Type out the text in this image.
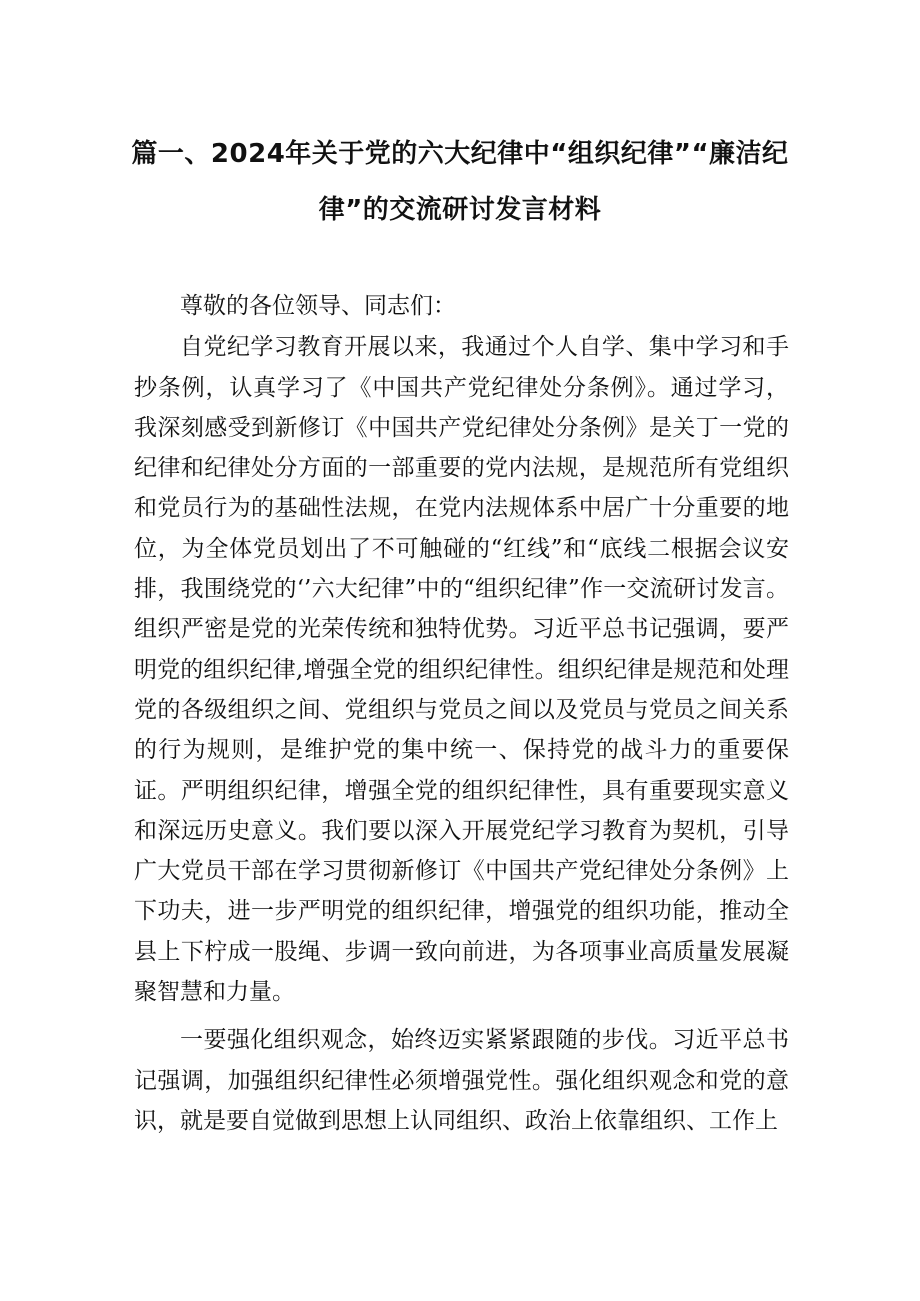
篇一、2024年关于党的六大纪律中“组织纪律”“廉洁纪
律”的交流研讨发言材料

尊敬的各位领导、同志们：

自党纪学习教育开展以来，我通过个人自学、集中学习和手抄条例，认真学习了《中国共产党纪律处分条例》。通过学习，我深刻感受到新修订《中国共产党纪律处分条例》是关丁一党的纪律和纪律处分方面的一部重要的党内法规，是规范所有党组织和党员行为的基础性法规，在党内法规体系中居广十分重要的地位，为全体党员划出了不可触碰的“红线”和“底线二根据会议安排，我围绕党的‘’六大纪律”中的“组织纪律”作一交流研讨发言。组织严密是党的光荣传统和独特优势。习近平总书记强调，要严明党的组织纪律,增强全党的组织纪律性。组织纪律是规范和处理党的各级组织之间、党组织与党员之间以及党员与党员之间关系的行为规则，是维护党的集中统一、保持党的战斗力的重要保证。严明组织纪律，增强全党的组织纪律性，具有重要现实意义和深远历史意义。我们要以深入开展党纪学习教育为契机，引导广大党员干部在学习贯彻新修订《中国共产党纪律处分条例》上下功夫，进一步严明党的组织纪律，增强党的组织功能，推动全县上下柠成一股绳、步调一致向前进，为各项事业高质量发展凝聚智慧和力量。

一要强化组织观念，始终迈实紧紧跟随的步伐。习近平总书记强调，加强组织纪律性必须增强党性。强化组织观念和党的意识，就是要自觉做到思想上认同组织、政治上依靠组织、工作上
